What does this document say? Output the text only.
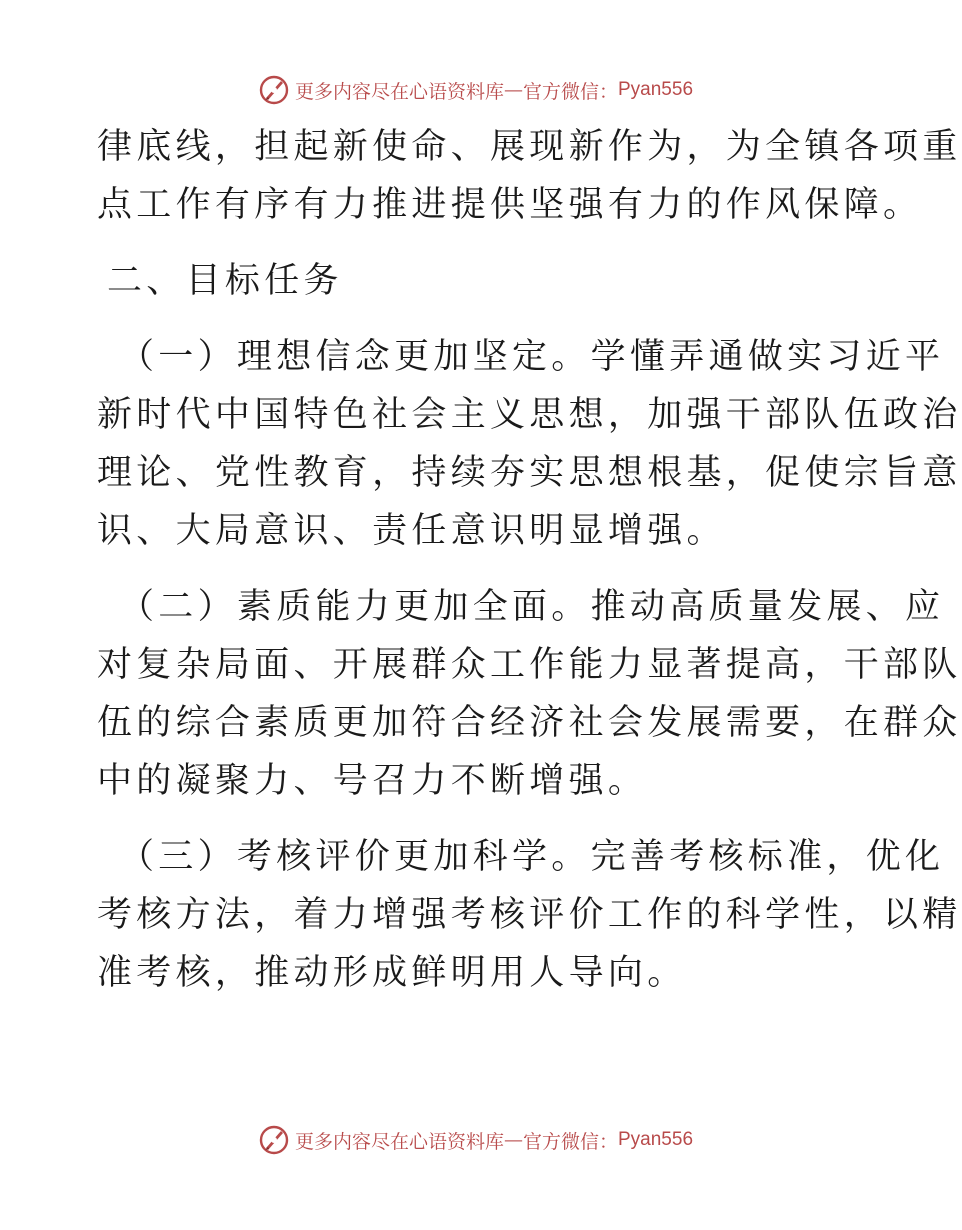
更多内容尽在心语资料库 — 官方微信： Pyan556
律底线，担起新使命、展现新作为，为全镇各项重
点工作有序有力推进提供坚强有力的作风保障。
二、目标任务
（一）理想信念更加坚定。学懂弄通做实习近平
新时代中国特色社会主义思想，加强干部队伍政治
理论、党性教育，持续夯实思想根基，促使宗旨意
识、大局意识、责任意识明显增强。
（二）素质能力更加全面。推动高质量发展、应
对复杂局面、开展群众工作能力显著提高，干部队
伍的综合素质更加符合经济社会发展需要，在群众
中的凝聚力、号召力不断增强。
（三）考核评价更加科学。完善考核标准，优化
考核方法，着力增强考核评价工作的科学性，以精
准考核，推动形成鲜明用人导向。
更多内容尽在心语资料库 — 官方微信： Pyan556
